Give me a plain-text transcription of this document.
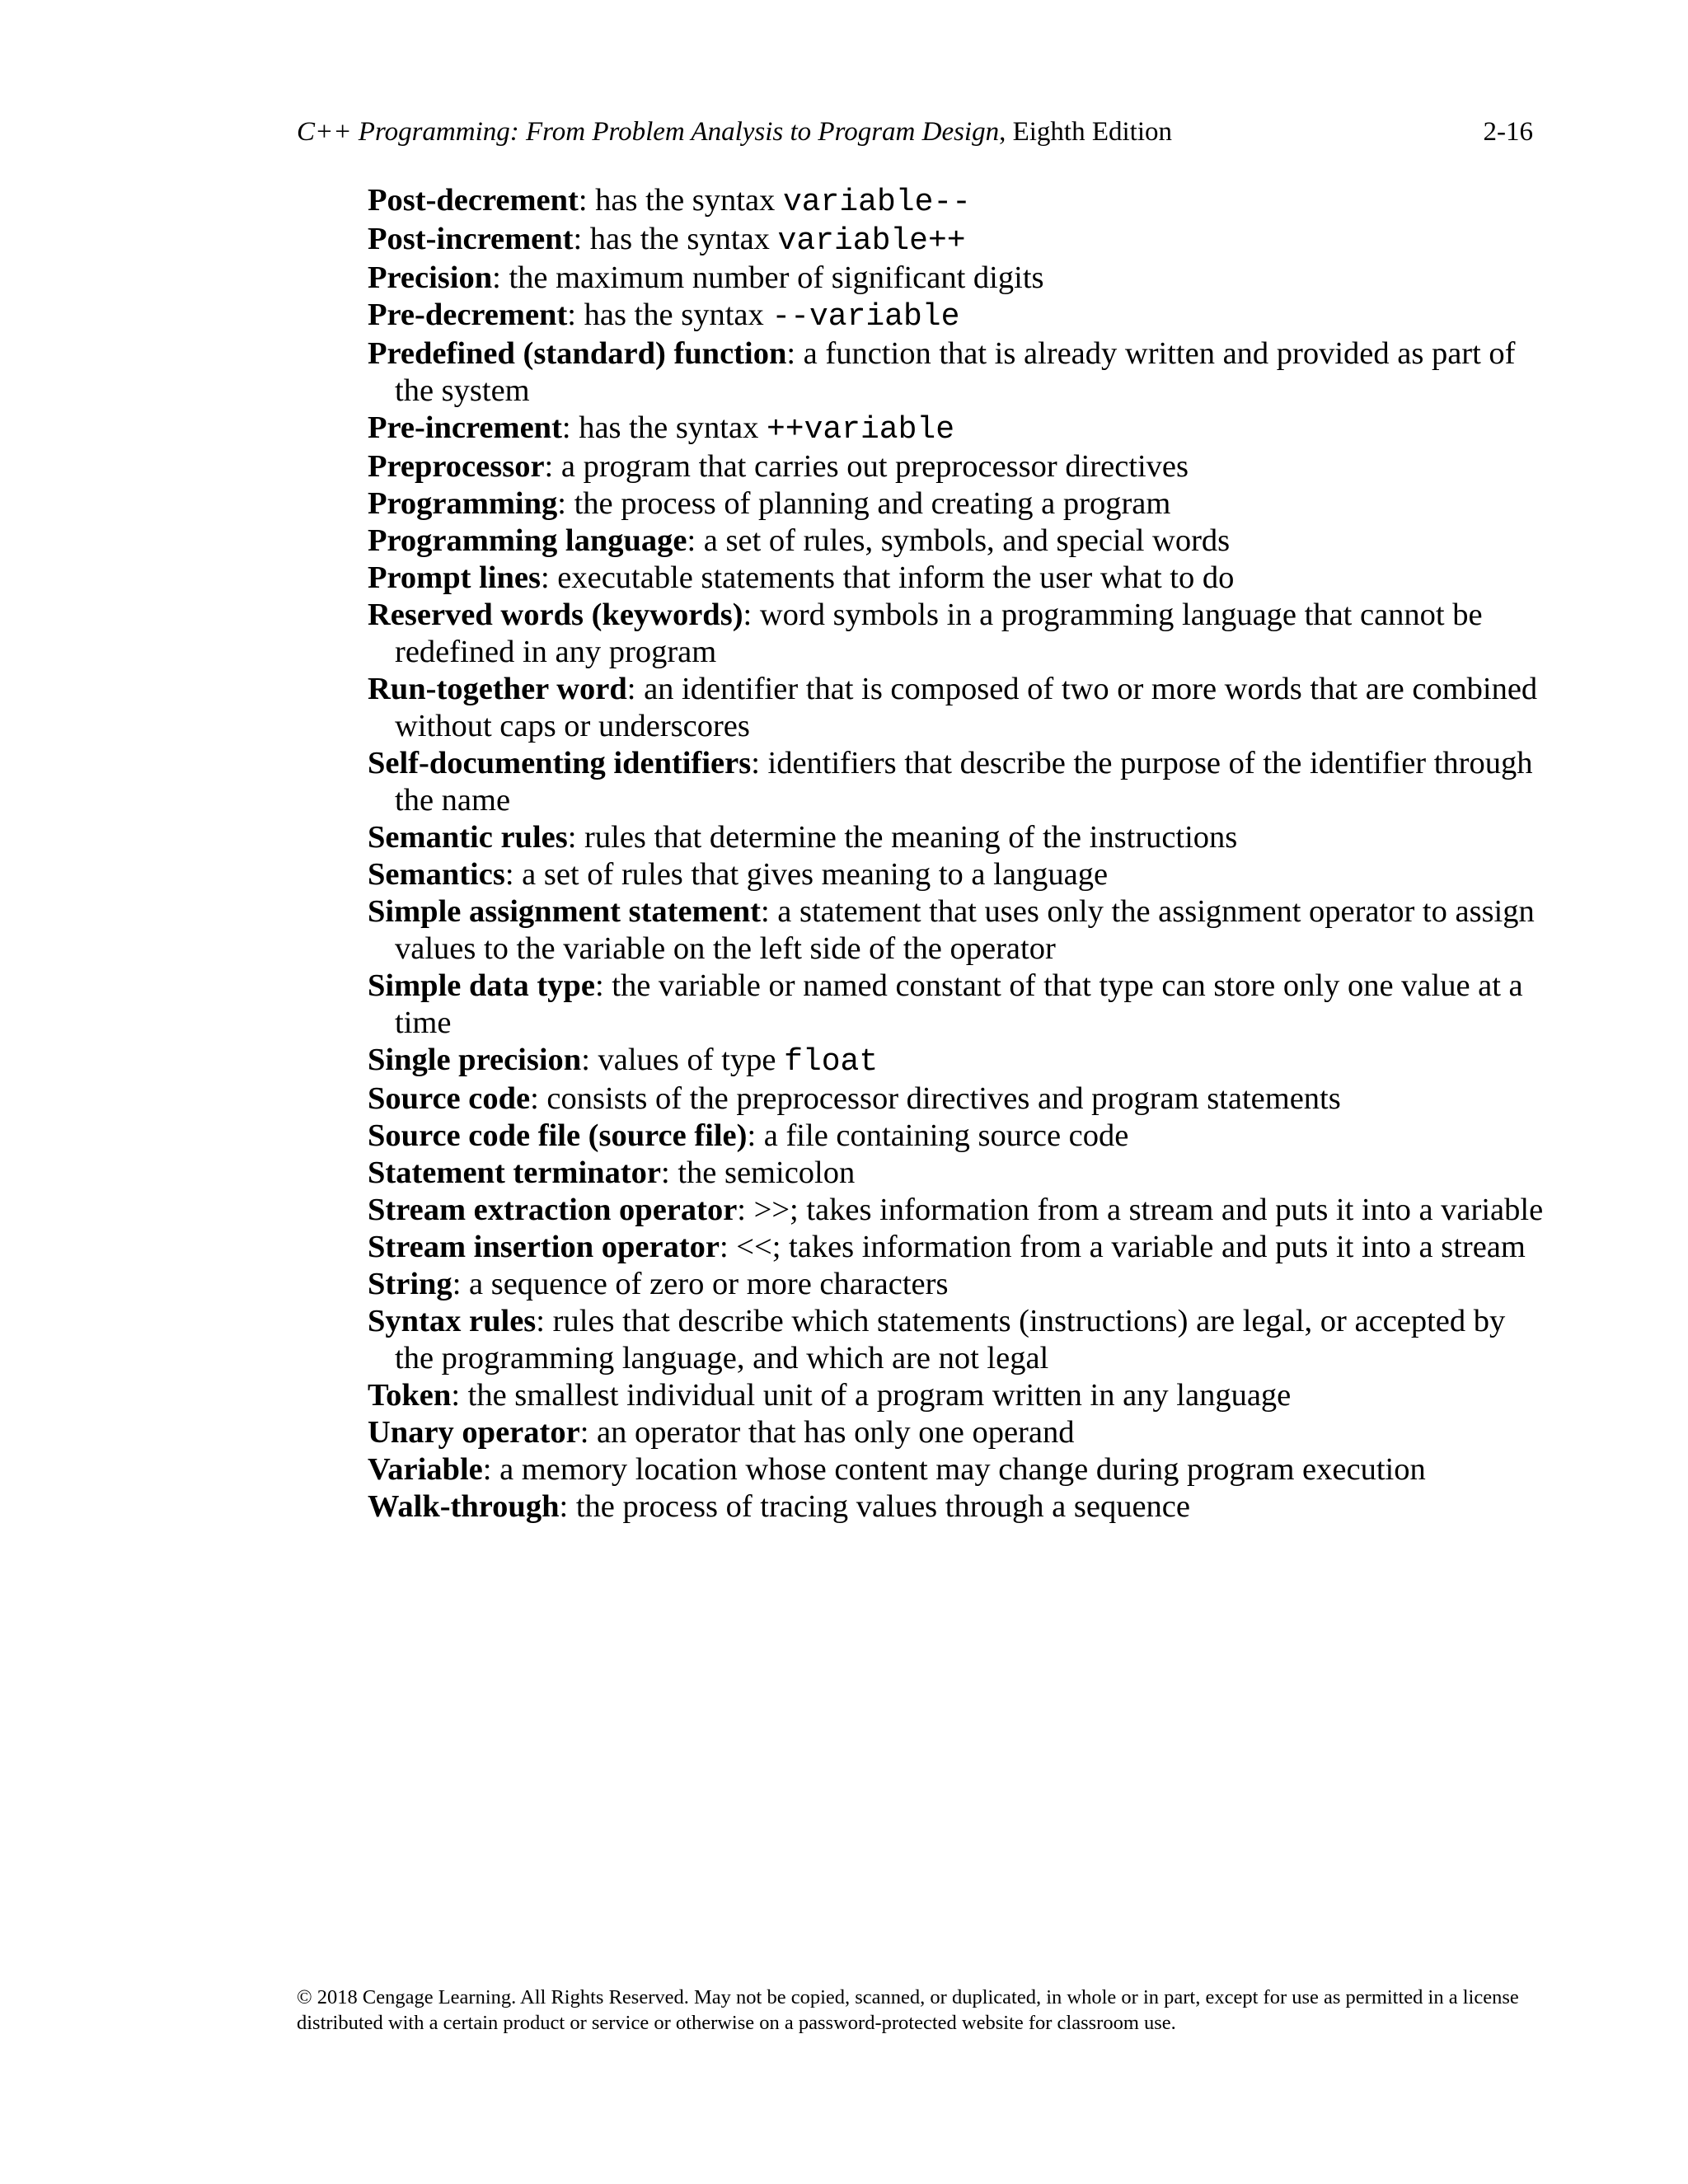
C++ Programming: From Problem Analysis to Program Design, Eighth Edition	2-16

Post-decrement: has the syntax variable--

Post-increment: has the syntax variable++

Precision: the maximum number of significant digits

Pre-decrement: has the syntax --variable

Predefined (standard) function: a function that is already written and provided as part of the system

Pre-increment: has the syntax ++variable

Preprocessor: a program that carries out preprocessor directives

Programming: the process of planning and creating a program

Programming language: a set of rules, symbols, and special words

Prompt lines: executable statements that inform the user what to do

Reserved words (keywords): word symbols in a programming language that cannot be redefined in any program

Run-together word: an identifier that is composed of two or more words that are combined without caps or underscores

Self-documenting identifiers: identifiers that describe the purpose of the identifier through the name

Semantic rules: rules that determine the meaning of the instructions

Semantics: a set of rules that gives meaning to a language

Simple assignment statement: a statement that uses only the assignment operator to assign values to the variable on the left side of the operator

Simple data type: the variable or named constant of that type can store only one value at a time

Single precision: values of type float

Source code: consists of the preprocessor directives and program statements

Source code file (source file): a file containing source code

Statement terminator: the semicolon

Stream extraction operator: >>; takes information from a stream and puts it into a variable

Stream insertion operator: <<; takes information from a variable and puts it into a stream

String: a sequence of zero or more characters

Syntax rules: rules that describe which statements (instructions) are legal, or accepted by the programming language, and which are not legal

Token: the smallest individual unit of a program written in any language

Unary operator: an operator that has only one operand

Variable: a memory location whose content may change during program execution

Walk-through: the process of tracing values through a sequence

© 2018 Cengage Learning. All Rights Reserved. May not be copied, scanned, or duplicated, in whole or in part, except for use as permitted in a license distributed with a certain product or service or otherwise on a password-protected website for classroom use.
